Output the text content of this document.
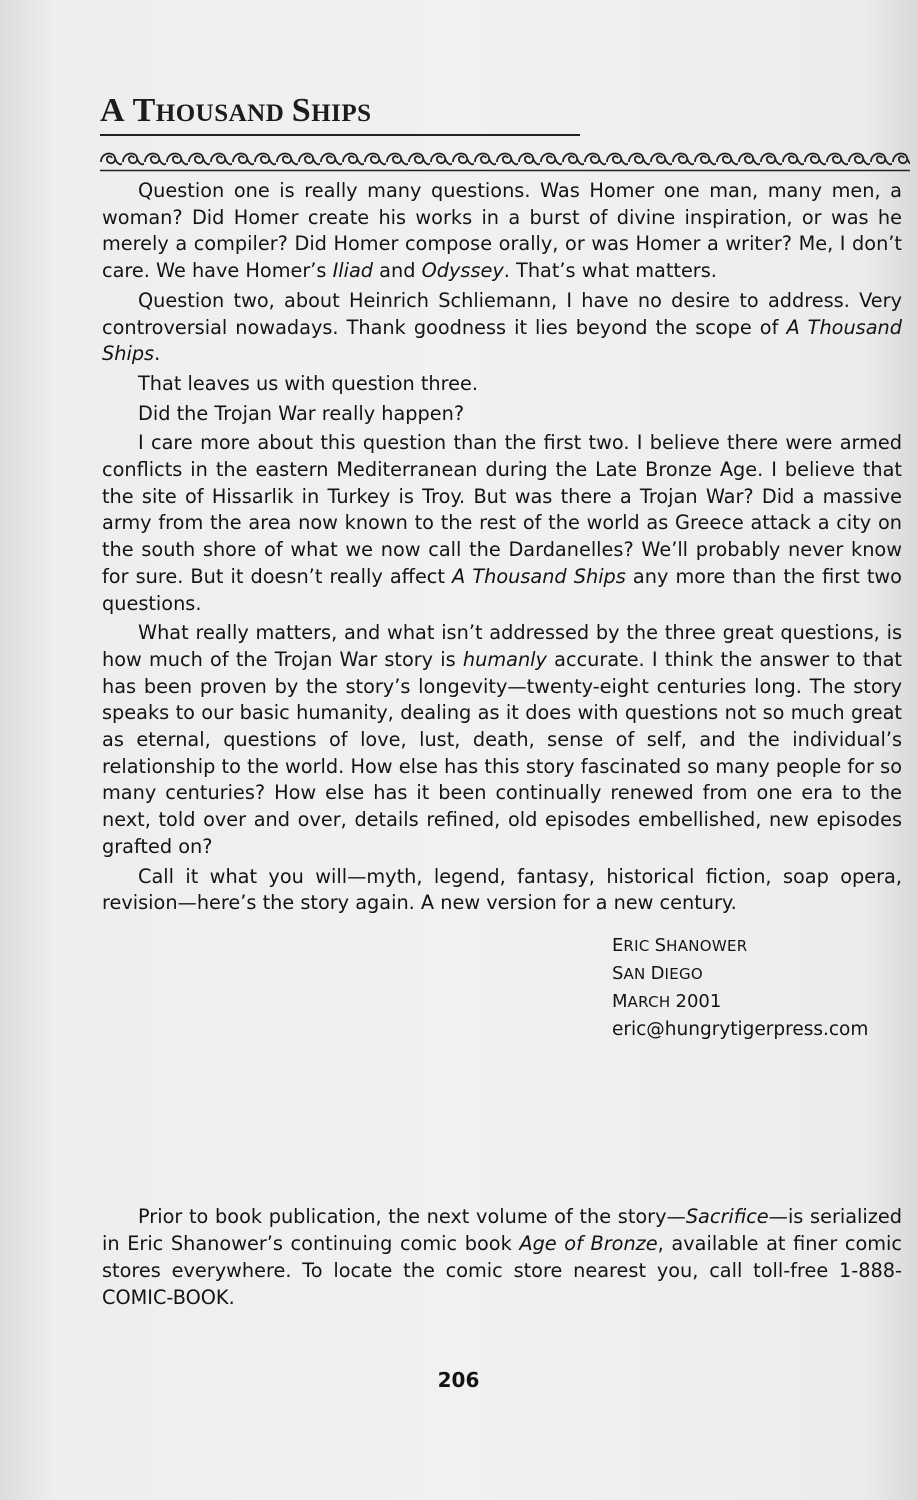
A THOUSAND SHIPS

Question one is really many questions. Was Homer one man, many men, a woman? Did Homer create his works in a burst of divine inspiration, or was he merely a compiler? Did Homer compose orally, or was Homer a writer? Me, I don’t care. We have Homer’s Iliad and Odyssey. That’s what matters.

Question two, about Heinrich Schliemann, I have no desire to address. Very controversial nowadays. Thank goodness it lies beyond the scope of A Thousand Ships.

That leaves us with question three.

Did the Trojan War really happen?

I care more about this question than the first two. I believe there were armed conflicts in the eastern Mediterranean during the Late Bronze Age. I believe that the site of Hissarlik in Turkey is Troy. But was there a Trojan War? Did a massive army from the area now known to the rest of the world as Greece attack a city on the south shore of what we now call the Dardanelles? We’ll probably never know for sure. But it doesn’t really affect A Thousand Ships any more than the first two questions.

What really matters, and what isn’t addressed by the three great questions, is how much of the Trojan War story is humanly accurate. I think the answer to that has been proven by the story’s longevity—twenty-eight centuries long. The story speaks to our basic humanity, dealing as it does with questions not so much great as eternal, questions of love, lust, death, sense of self, and the individual’s relationship to the world. How else has this story fascinated so many people for so many centuries? How else has it been continually renewed from one era to the next, told over and over, details refined, old episodes embellished, new episodes grafted on?

Call it what you will—myth, legend, fantasy, historical fiction, soap opera, revision—here’s the story again. A new version for a new century.

ERIC SHANOWER
SAN DIEGO
MARCH 2001
eric@hungrytigerpress.com

Prior to book publication, the next volume of the story—Sacrifice—is serialized in Eric Shanower’s continuing comic book Age of Bronze, available at finer comic stores everywhere. To locate the comic store nearest you, call toll-free 1-888-COMIC-BOOK.

206
